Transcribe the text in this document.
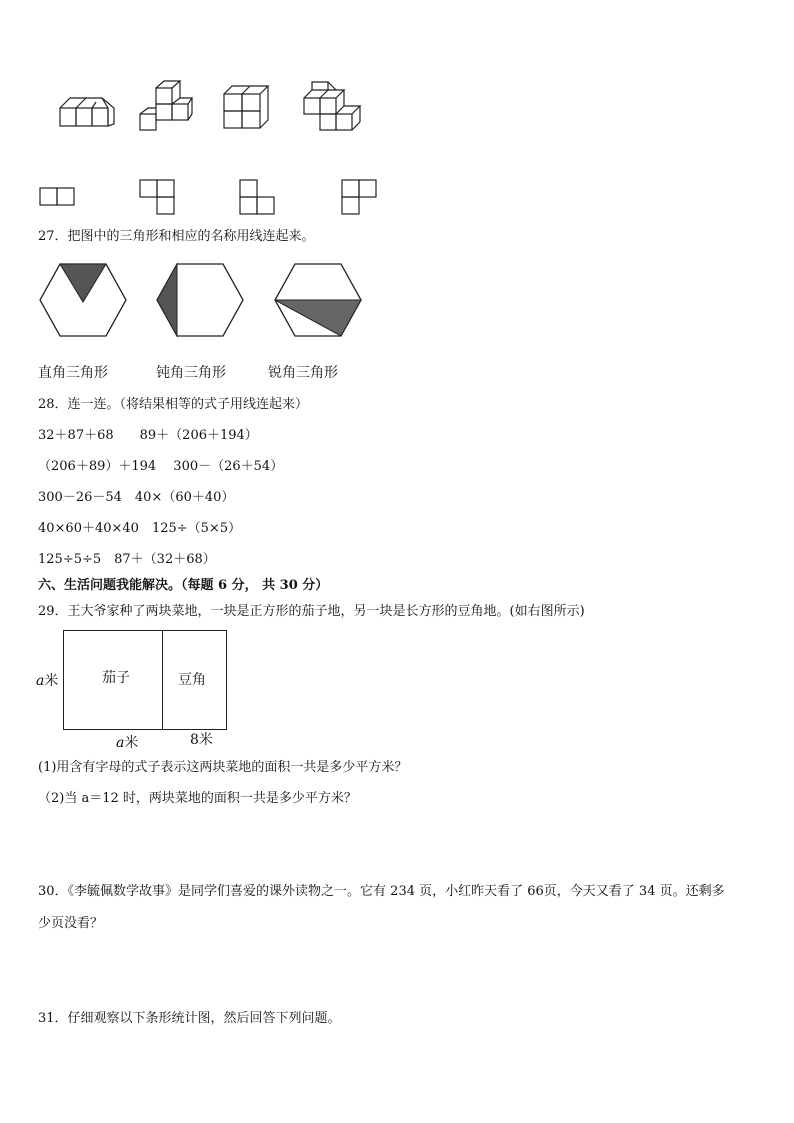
27．把图中的三角形和相应的名称用线连起来。
直角三角形	钝角三角形	锐角三角形
28．连一连。（将结果相等的式子用线连起来）
32＋87＋68　　89＋（206＋194）
（206＋89）＋194　 300－（26＋54）
300－26－54　40×（60＋40）
40×60＋40×40　125÷（5×5）
125÷5÷5　87＋（32＋68）
六、生活问题我能解决。（每题 6 分， 共 30 分）
29．王大爷家种了两块菜地，一块是正方形的茄子地，另一块是长方形的豆角地。(如右图所示)
a米	茄子	豆角
a米	8米
(1)用含有字母的式子表示这两块菜地的面积一共是多少平方米？
（2)当 a＝12 时，两块菜地的面积一共是多少平方米？
30．《李毓佩数学故事》是同学们喜爱的课外读物之一。它有 234 页，小红昨天看了 66页，今天又看了 34 页。还剩多
少页没看？
31．仔细观察以下条形统计图，然后回答下列问题。
